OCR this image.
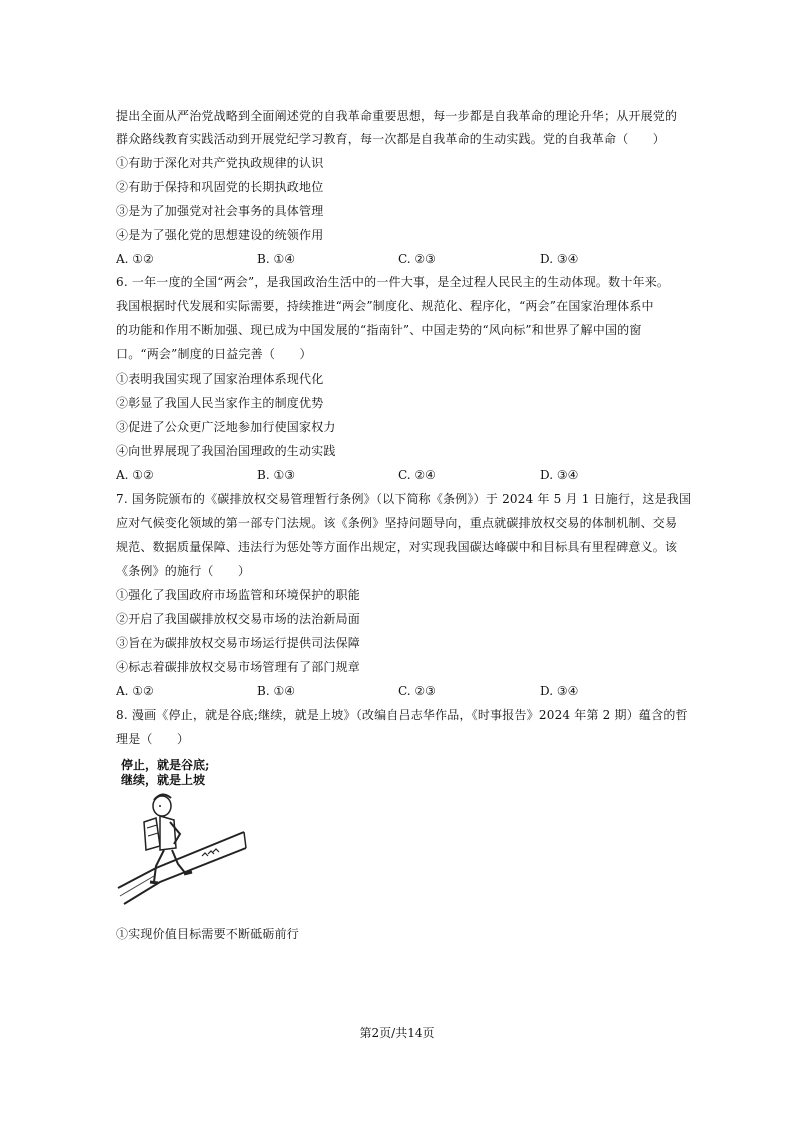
提出全面从严治党战略到全面阐述党的自我革命重要思想，每一步都是自我革命的理论升华；从开展党的
群众路线教育实践活动到开展党纪学习教育，每一次都是自我革命的生动实践。党的自我革命（　　）
①有助于深化对共产党执政规律的认识
②有助于保持和巩固党的长期执政地位
③是为了加强党对社会事务的具体管理
④是为了强化党的思想建设的统领作用
A. ①②	B. ①④	C. ②③	D. ③④
6. 一年一度的全国“两会”，是我国政治生活中的一件大事，是全过程人民民主的生动体现。数十年来。
我国根据时代发展和实际需要，持续推进“两会”制度化、规范化、程序化，“两会”在国家治理体系中
的功能和作用不断加强、现已成为中国发展的“指南针”、中国走势的“风向标”和世界了解中国的窗
口。“两会”制度的日益完善（　　）
①表明我国实现了国家治理体系现代化
②彰显了我国人民当家作主的制度优势
③促进了公众更广泛地参加行使国家权力
④向世界展现了我国治国理政的生动实践
A. ①②	B. ①③	C. ②④	D. ③④
7. 国务院颁布的《碳排放权交易管理暂行条例》（以下简称《条例》）于 2024 年 5 月 1 日施行，这是我国
应对气候变化领域的第一部专门法规。该《条例》坚持问题导向，重点就碳排放权交易的体制机制、交易
规范、数据质量保障、违法行为惩处等方面作出规定，对实现我国碳达峰碳中和目标具有里程碑意义。该
《条例》的施行（　　）
①强化了我国政府市场监管和环境保护的职能
②开启了我国碳排放权交易市场的法治新局面
③旨在为碳排放权交易市场运行提供司法保障
④标志着碳排放权交易市场管理有了部门规章
A. ①②	B. ①④	C. ②③	D. ③④
8. 漫画《停止，就是谷底;继续，就是上坡》（改编自吕志华作品，《时事报告》2024 年第 2 期）蕴含的哲
理是（　　）
停止，就是谷底;
继续，就是上坡
①实现价值目标需要不断砥砺前行
第2页/共14页
